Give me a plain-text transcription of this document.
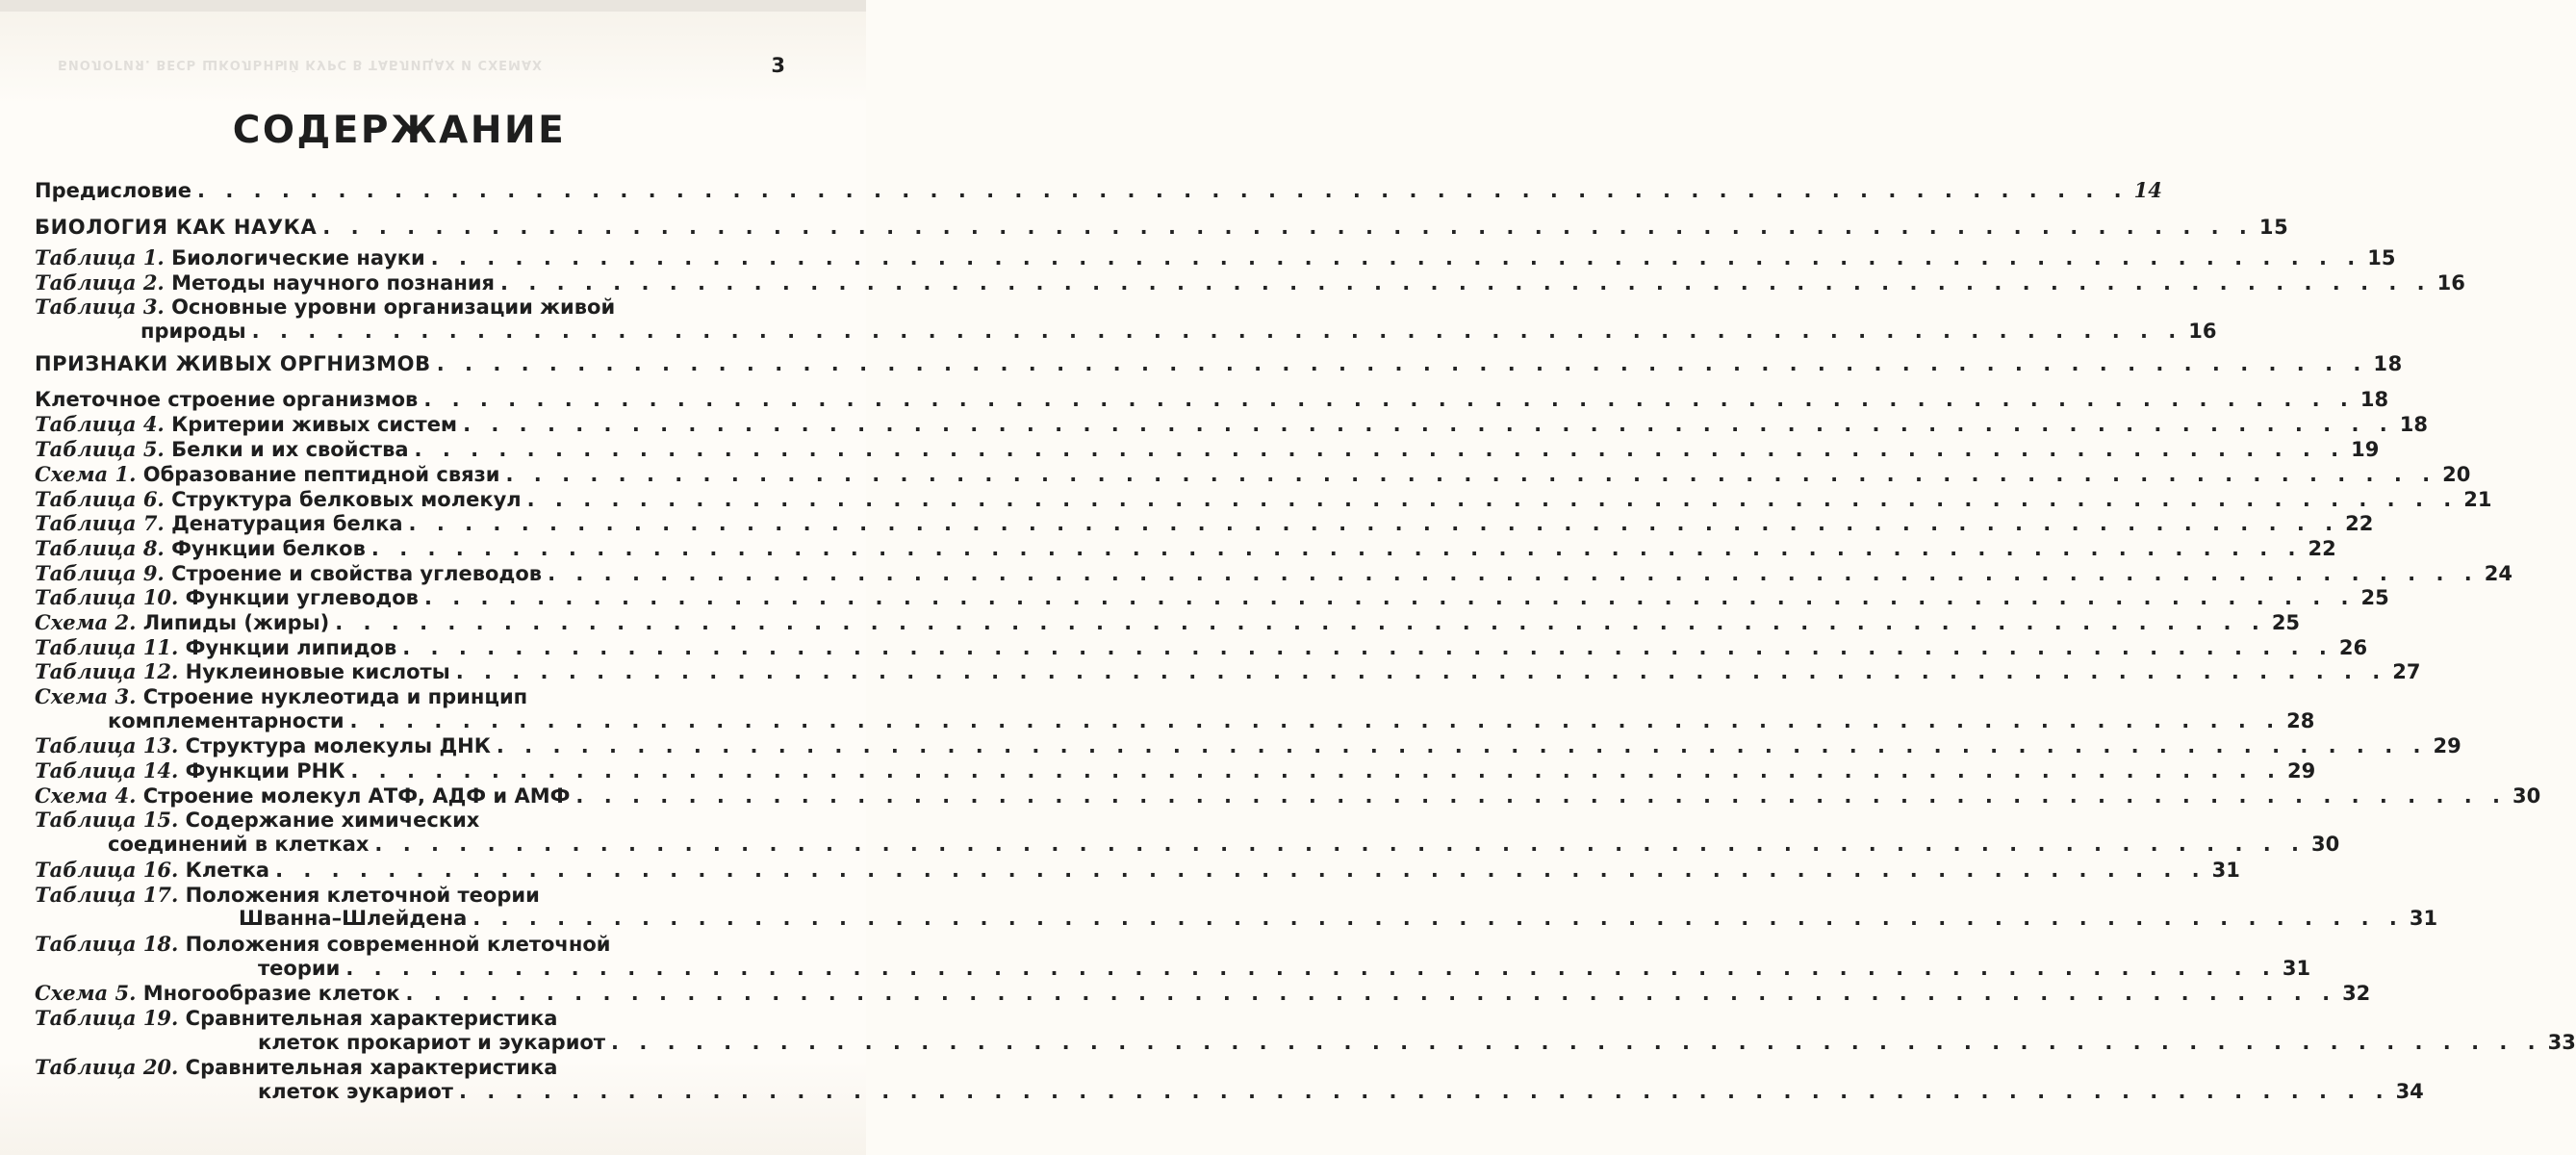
БИОЛОГИЯ. ВЕСЬ ШКОЛЬНЫЙ КУРС В ТАБЛИЦАХ И СХЕМАХ	3
СОДЕРЖАНИЕ
Предисловие . . . . . . . . . . . . . . . . . . . . . . . . . . . . . . . . . . . . . . . . . . . . . . . . . . . . . . . . . . . . . . . . . . . . . 14
БИОЛОГИЯ КАК НАУКА . . . . . . . . . . . . . . . . . . . . . . . . . . . . . . . . . . . . . . . . . . . . . . . . . . . . . . . . . . . . . . . . . . . . . 15
Таблица 1. Биологические науки . . . . . . . . . . . . . . . . . . . . . . . . . . . . . . . . . . . . . . . . . . . . . . . . . . . . . . . . . . . . . . . . . . . . . 15
Таблица 2. Методы научного познания . . . . . . . . . . . . . . . . . . . . . . . . . . . . . . . . . . . . . . . . . . . . . . . . . . . . . . . . . . . . . . . . . . . . . 16
Таблица 3. Основные уровни организации живой
природы . . . . . . . . . . . . . . . . . . . . . . . . . . . . . . . . . . . . . . . . . . . . . . . . . . . . . . . . . . . . . . . . . . . . . 16
ПРИЗНАКИ ЖИВЫХ ОРГНИЗМОВ . . . . . . . . . . . . . . . . . . . . . . . . . . . . . . . . . . . . . . . . . . . . . . . . . . . . . . . . . . . . . . . . . . . . . 18
Клеточное строение организмов . . . . . . . . . . . . . . . . . . . . . . . . . . . . . . . . . . . . . . . . . . . . . . . . . . . . . . . . . . . . . . . . . . . . . 18
Таблица 4. Критерии живых систем . . . . . . . . . . . . . . . . . . . . . . . . . . . . . . . . . . . . . . . . . . . . . . . . . . . . . . . . . . . . . . . . . . . . . 18
Таблица 5. Белки и их свойства . . . . . . . . . . . . . . . . . . . . . . . . . . . . . . . . . . . . . . . . . . . . . . . . . . . . . . . . . . . . . . . . . . . . . 19
Схема 1. Образование пептидной связи . . . . . . . . . . . . . . . . . . . . . . . . . . . . . . . . . . . . . . . . . . . . . . . . . . . . . . . . . . . . . . . . . . . . . 20
Таблица 6. Структура белковых молекул . . . . . . . . . . . . . . . . . . . . . . . . . . . . . . . . . . . . . . . . . . . . . . . . . . . . . . . . . . . . . . . . . . . . . 21
Таблица 7. Денатурация белка . . . . . . . . . . . . . . . . . . . . . . . . . . . . . . . . . . . . . . . . . . . . . . . . . . . . . . . . . . . . . . . . . . . . . 22
Таблица 8. Функции белков . . . . . . . . . . . . . . . . . . . . . . . . . . . . . . . . . . . . . . . . . . . . . . . . . . . . . . . . . . . . . . . . . . . . . 22
Таблица 9. Строение и свойства углеводов . . . . . . . . . . . . . . . . . . . . . . . . . . . . . . . . . . . . . . . . . . . . . . . . . . . . . . . . . . . . . . . . . . . . . 24
Таблица 10. Функции углеводов . . . . . . . . . . . . . . . . . . . . . . . . . . . . . . . . . . . . . . . . . . . . . . . . . . . . . . . . . . . . . . . . . . . . . 25
Схема 2. Липиды (жиры) . . . . . . . . . . . . . . . . . . . . . . . . . . . . . . . . . . . . . . . . . . . . . . . . . . . . . . . . . . . . . . . . . . . . . 25
Таблица 11. Функции липидов . . . . . . . . . . . . . . . . . . . . . . . . . . . . . . . . . . . . . . . . . . . . . . . . . . . . . . . . . . . . . . . . . . . . . 26
Таблица 12. Нуклеиновые кислоты . . . . . . . . . . . . . . . . . . . . . . . . . . . . . . . . . . . . . . . . . . . . . . . . . . . . . . . . . . . . . . . . . . . . . 27
Схема 3. Строение нуклеотида и принцип
комплементарности . . . . . . . . . . . . . . . . . . . . . . . . . . . . . . . . . . . . . . . . . . . . . . . . . . . . . . . . . . . . . . . . . . . . . 28
Таблица 13. Структура молекулы ДНК . . . . . . . . . . . . . . . . . . . . . . . . . . . . . . . . . . . . . . . . . . . . . . . . . . . . . . . . . . . . . . . . . . . . . 29
Таблица 14. Функции РНК . . . . . . . . . . . . . . . . . . . . . . . . . . . . . . . . . . . . . . . . . . . . . . . . . . . . . . . . . . . . . . . . . . . . . 29
Схема 4. Строение молекул АТФ, АДФ и АМФ . . . . . . . . . . . . . . . . . . . . . . . . . . . . . . . . . . . . . . . . . . . . . . . . . . . . . . . . . . . . . . . . . . . . . 30
Таблица 15. Содержание химических
соединений в клетках . . . . . . . . . . . . . . . . . . . . . . . . . . . . . . . . . . . . . . . . . . . . . . . . . . . . . . . . . . . . . . . . . . . . . 30
Таблица 16. Клетка . . . . . . . . . . . . . . . . . . . . . . . . . . . . . . . . . . . . . . . . . . . . . . . . . . . . . . . . . . . . . . . . . . . . . 31
Таблица 17. Положения клеточной теории
Шванна–Шлейдена . . . . . . . . . . . . . . . . . . . . . . . . . . . . . . . . . . . . . . . . . . . . . . . . . . . . . . . . . . . . . . . . . . . . . 31
Таблица 18. Положения современной клеточной
теории . . . . . . . . . . . . . . . . . . . . . . . . . . . . . . . . . . . . . . . . . . . . . . . . . . . . . . . . . . . . . . . . . . . . . 31
Схема 5. Многообразие клеток . . . . . . . . . . . . . . . . . . . . . . . . . . . . . . . . . . . . . . . . . . . . . . . . . . . . . . . . . . . . . . . . . . . . . 32
Таблица 19. Сравнительная характеристика
клеток прокариот и эукариот . . . . . . . . . . . . . . . . . . . . . . . . . . . . . . . . . . . . . . . . . . . . . . . . . . . . . . . . . . . . . . . . . . . . . 33
Таблица 20. Сравнительная характеристика
клеток эукариот . . . . . . . . . . . . . . . . . . . . . . . . . . . . . . . . . . . . . . . . . . . . . . . . . . . . . . . . . . . . . . . . . . . . . 34
